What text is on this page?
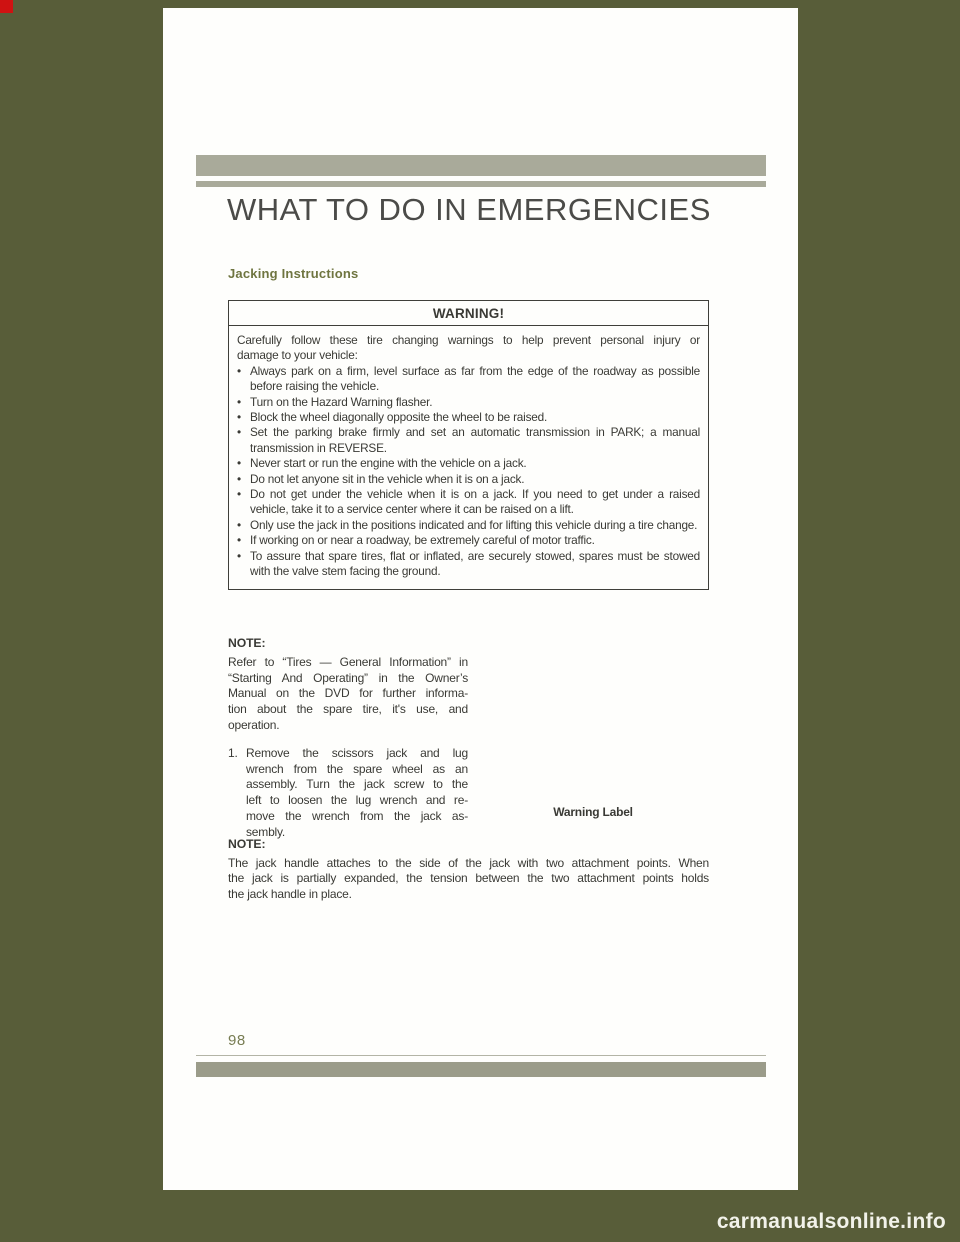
WHAT TO DO IN EMERGENCIES
Jacking Instructions
WARNING!
Carefully follow these tire changing warnings to help prevent personal injury or
damage to your vehicle:
• Always park on a firm, level surface as far from the edge of the roadway as possible before raising the vehicle.
• Turn on the Hazard Warning flasher.
• Block the wheel diagonally opposite the wheel to be raised.
• Set the parking brake firmly and set an automatic transmission in PARK; a manual transmission in REVERSE.
• Never start or run the engine with the vehicle on a jack.
• Do not let anyone sit in the vehicle when it is on a jack.
• Do not get under the vehicle when it is on a jack. If you need to get under a raised vehicle, take it to a service center where it can be raised on a lift.
• Only use the jack in the positions indicated and for lifting this vehicle during a tire change.
• If working on or near a roadway, be extremely careful of motor traffic.
• To assure that spare tires, flat or inflated, are securely stowed, spares must be stowed with the valve stem facing the ground.
NOTE:
Refer to “Tires — General Information” in
“Starting And Operating” in the Owner’s
Manual on the DVD for further informa-
tion about the spare tire, it's use, and
operation.
1. Remove the scissors jack and lug
wrench from the spare wheel as an
assembly. Turn the jack screw to the
left to loosen the lug wrench and re-
move the wrench from the jack as-
sembly.
Warning Label
NOTE:
The jack handle attaches to the side of the jack with two attachment points. When
the jack is partially expanded, the tension between the two attachment points holds
the jack handle in place.
98
carmanualsonline.info
